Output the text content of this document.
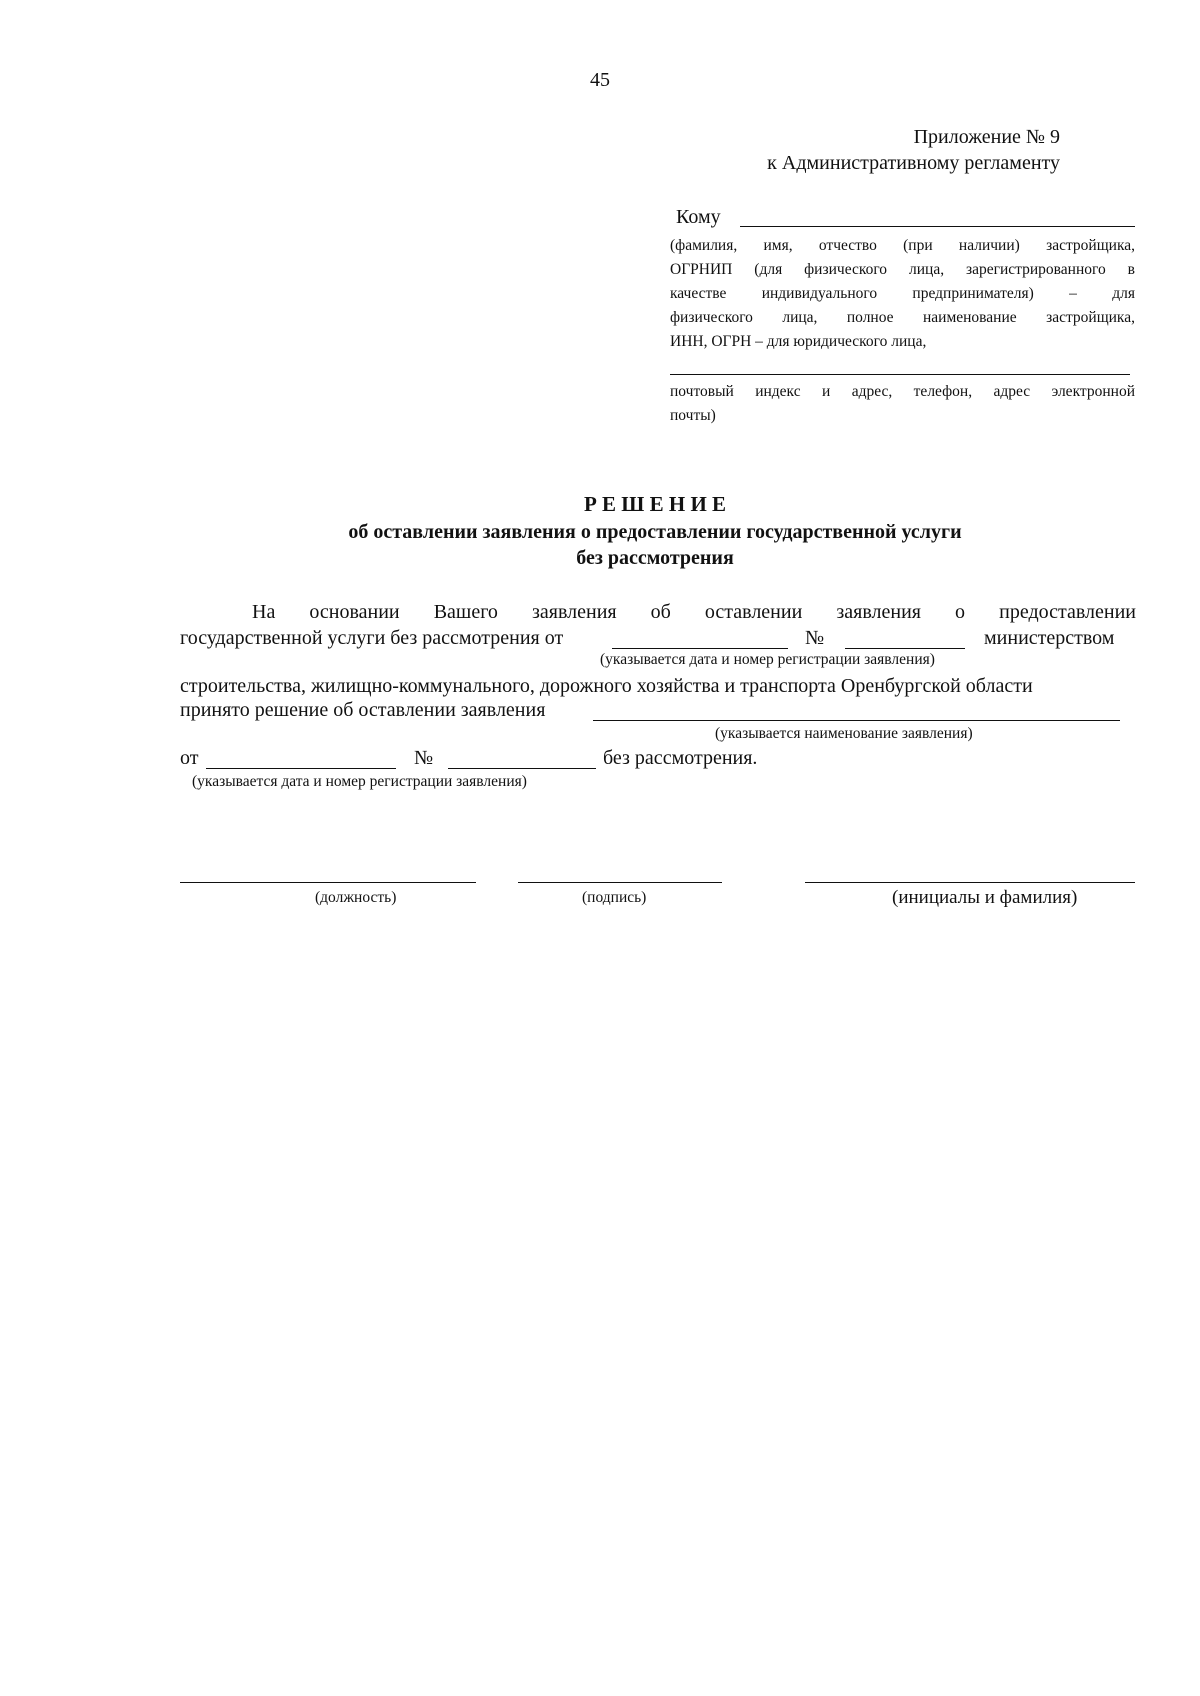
45
Приложение № 9
к Административному регламенту
Кому
(фамилия, имя, отчество (при наличии) застройщика,
ОГРНИП (для физического лица, зарегистрированного в
качестве индивидуального предпринимателя) – для
физического лица, полное наименование застройщика,
ИНН, ОГРН – для юридического лица,
почтовый индекс и адрес, телефон, адрес электронной
почты)
Р Е Ш Е Н И Е
об оставлении заявления о предоставлении государственной услуги
без рассмотрения
На основании Вашего заявления об оставлении заявления о предоставлении
государственной услуги без рассмотрения от	№	министерством
(указывается дата и номер регистрации заявления)
строительства, жилищно-коммунального, дорожного хозяйства и транспорта Оренбургской области
принято решение об оставлении заявления
(указывается наименование заявления)
от	№	без рассмотрения.
(указывается дата и номер регистрации заявления)
(должность)	(подпись)	(инициалы и фамилия)
